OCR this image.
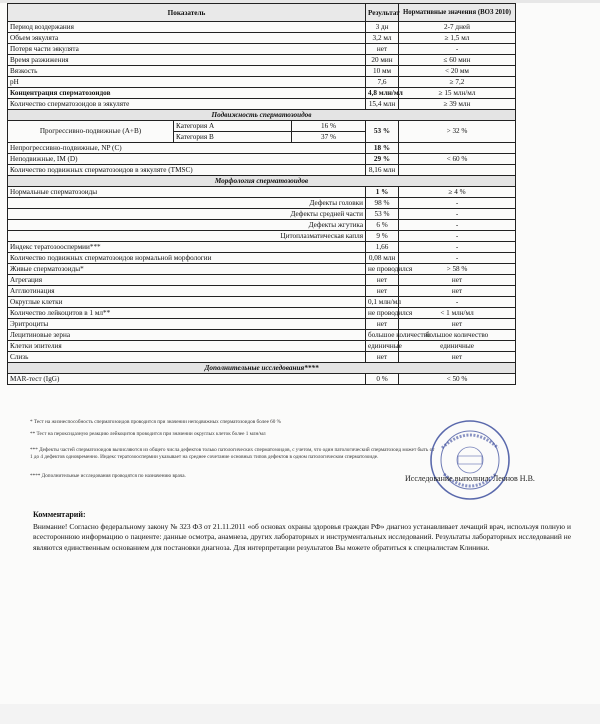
Показатель			Результат	Нормативные значения (ВОЗ 2010)
Период воздержания			3 дн	2-7 дней
Объем эякулята			3,2 мл	≥ 1,5 мл
Потеря части эякулята			нет	-
Время разжижения			20 мин	≤ 60 мин
Вязкость			10 мм	< 20 мм
pH			7,6	≥ 7,2
Концентрация сперматозоидов			4,8 млн/мл	≥ 15 млн/мл
Количество сперматозоидов в эякуляте			15,4 млн	≥ 39 млн
Подвижность сперматозоидов				
Прогрессивно-подвижные (A+B)	Категория A	16 %	53 %	> 32 %
	Категория B	37 %		
Непрогрессивно-подвижные, NP (C)			18 %	
Неподвижные, IM (D)			29 %	< 60 %
Количество подвижных сперматозоидов в эякуляте (TMSC)			8,16 млн	
Морфология сперматозоидов				
Нормальные сперматозоиды			1 %	≥ 4 %
Дефекты головки			98 %	-
Дефекты средней части			53 %	-
Дефекты жгутика			6 %	-
Цитоплазматическая капля			9 %	-
Индекс тератозооспермии***			1,66	-
Количество подвижных сперматозоидов нормальной морфологии			0,08 млн	-
Живые сперматозоиды*			не проводился	> 58 %
Агрегация			нет	нет
Агглютинация			нет	нет
Округлые клетки			0,1 млн/мл	-
Количество лейкоцитов в 1 мл**			не проводился	< 1 млн/мл
Эритроциты			нет	нет
Лецитиновые зерна			большое количество	большое количество
Клетки эпителия			единичные	единичные
Слизь			нет	нет
Дополнительные исследования****				
MAR-тест (IgG)			0 %	< 50 %
* Тест на жизнеспособность сперматозоидов проводится при значении неподвижных сперматозоидов более 60 %
** Тест на пероксидазную реакцию лейкоцитов проводится при значении округлых клеток более 1 млн/мл
*** Дефекты частей сперматозоидов вычисляются из общего числа дефектов только патологических сперматозоидов, с учетом, что один патологический сперматозоид может быть от 1 до 4 дефектов одновременно. Индекс тератозооспермии указывает на среднее сочетание основных типов дефектов в одном патологическом сперматозоиде.
**** Дополнительные исследования проводятся по назначению врача.	Исследование выполнил: Леонов Н.В.
Комментарий:
Внимание! Согласно федеральному закону № 323 ФЗ от 21.11.2011 «об основах охраны здоровья граждан РФ» диагноз устанавливает лечащий врач, используя полную и всестороннюю информацию о пациенте: данные осмотра, анамнеза, других лабораторных и инструментальных исследований. Результаты лабораторных исследований не являются единственным основанием для постановки диагноза. Для интерпретации результатов Вы можете обратиться к специалистам Клиники.
